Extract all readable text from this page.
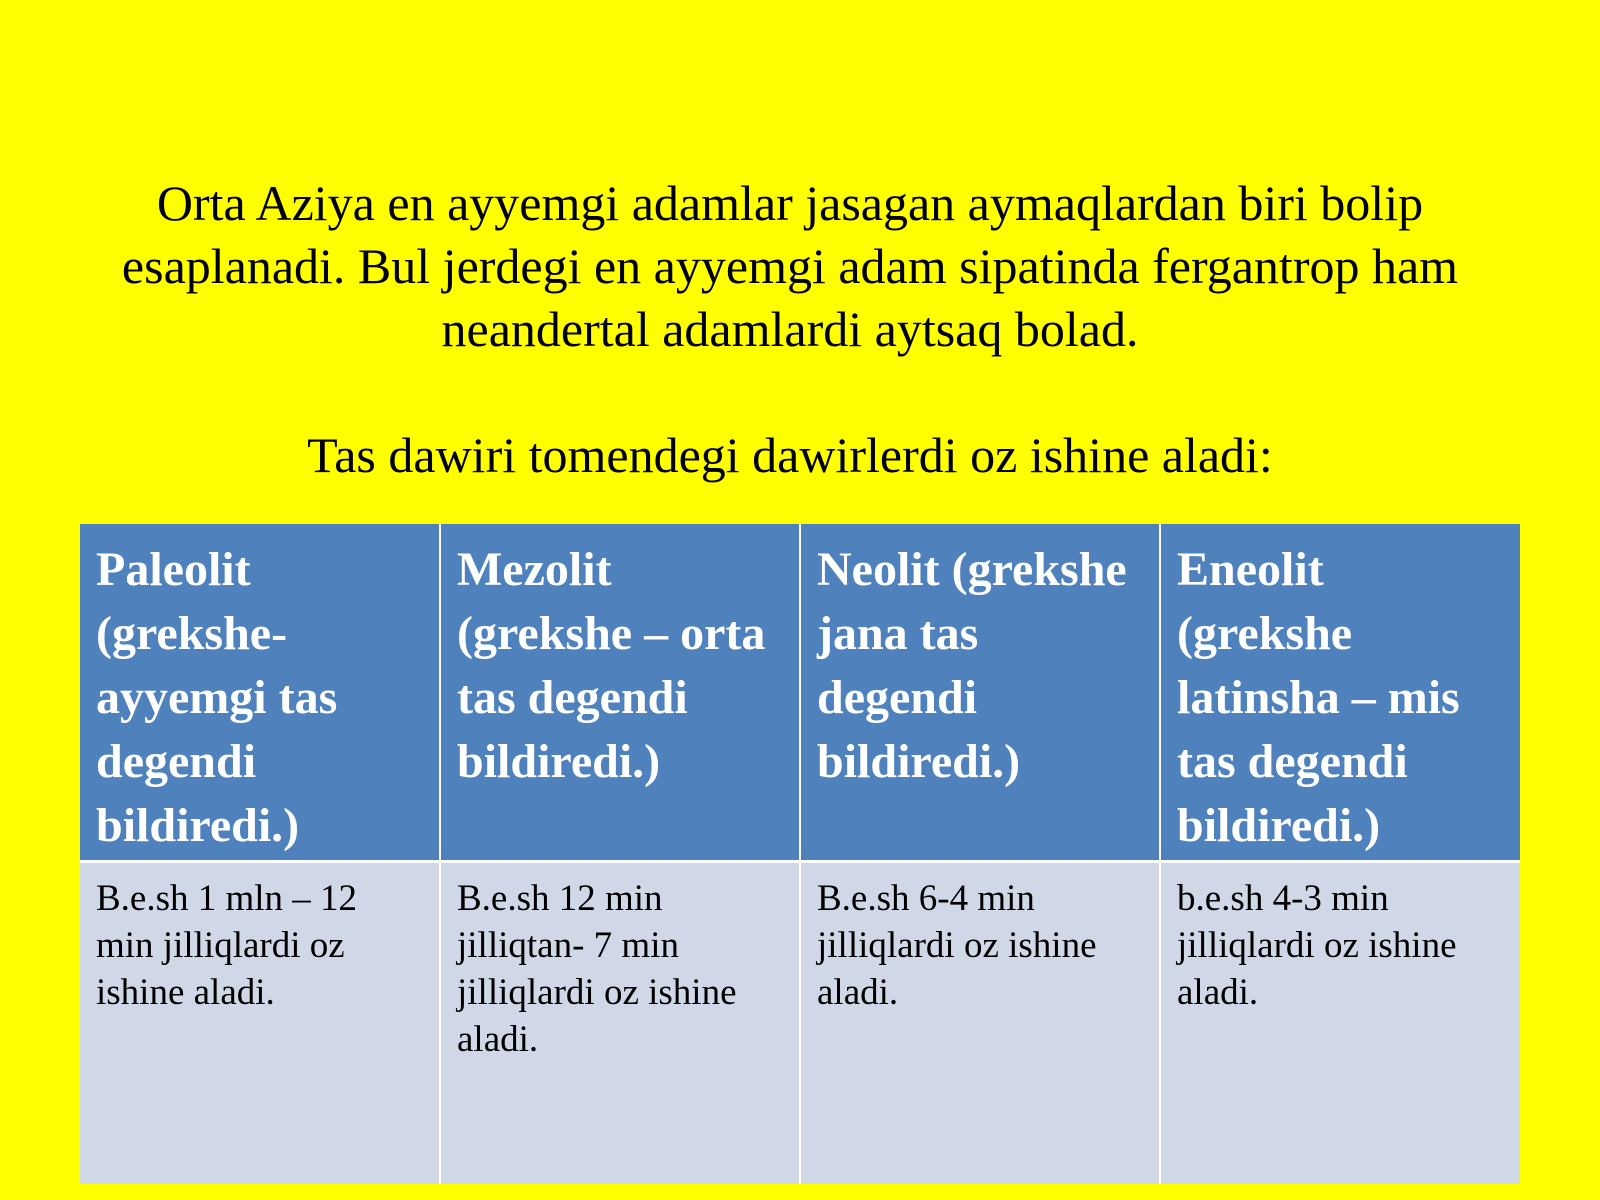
Orta Aziya en ayyemgi adamlar jasagan aymaqlardan biri bolip esaplanadi. Bul jerdegi en ayyemgi adam sipatinda fergantrop ham neandertal adamlardi aytsaq bolad.

Tas dawiri tomendegi dawirlerdi oz ishine aladi:

Paleolit (grekshe- ayyemgi tas degendi bildiredi.)	Mezolit (grekshe – orta tas degendi bildiredi.)	Neolit (grekshe jana tas degendi bildiredi.)	Eneolit (grekshe latinsha – mis tas degendi bildiredi.)
B.e.sh 1 mln – 12 min jilliqlardi oz ishine aladi.	B.e.sh 12 min jilliqtan- 7 min jilliqlardi oz ishine aladi.	B.e.sh 6-4 min jilliqlardi oz ishine aladi.	b.e.sh 4-3 min jilliqlardi oz ishine aladi.
